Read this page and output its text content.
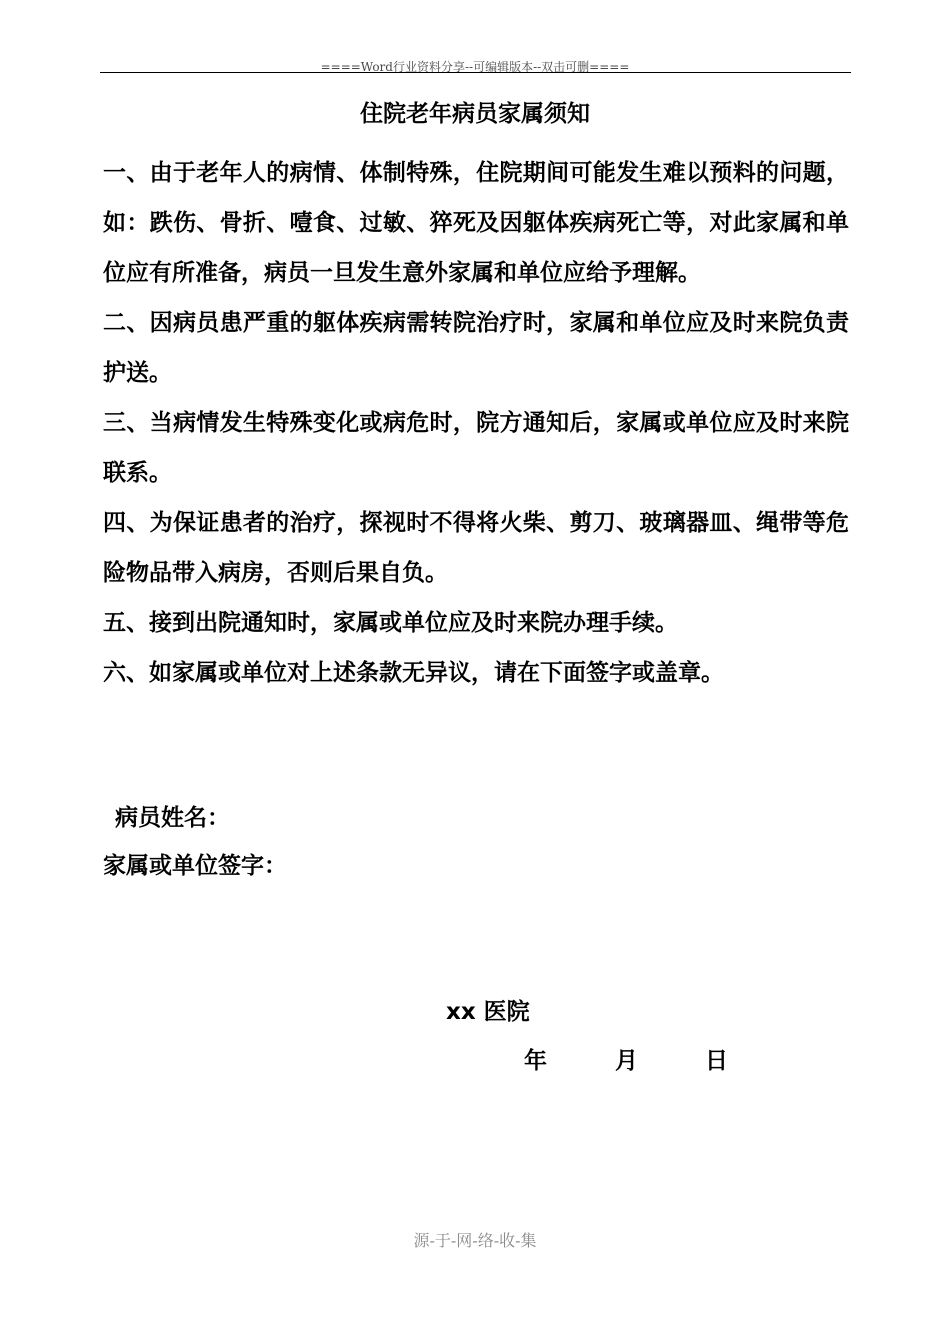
====Word行业资料分享--可编辑版本--双击可删====
住院老年病员家属须知

一、由于老年人的病情、体制特殊，住院期间可能发生难以预料的问题，如：跌伤、骨折、噎食、过敏、猝死及因躯体疾病死亡等，对此家属和单位应有所准备，病员一旦发生意外家属和单位应给予理解。

二、因病员患严重的躯体疾病需转院治疗时，家属和单位应及时来院负责护送。

三、当病情发生特殊变化或病危时，院方通知后，家属或单位应及时来院联系。

四、为保证患者的治疗，探视时不得将火柴、剪刀、玻璃器皿、绳带等危险物品带入病房，否则后果自负。

五、接到出院通知时，家属或单位应及时来院办理手续。

六、如家属或单位对上述条款无异议，请在下面签字或盖章。

病员姓名：

家属或单位签字：

xx 医院
年	月	日
源-于-网-络-收-集
